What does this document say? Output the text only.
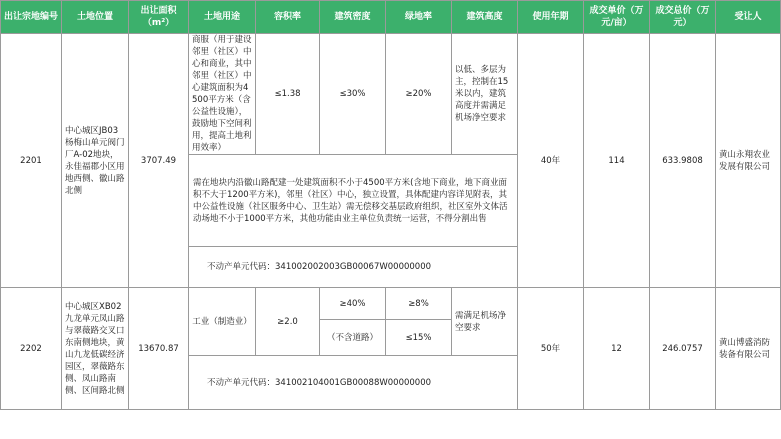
出让宗地编号	土地位置	出让面积（m²）	土地用途	容积率	建筑密度	绿地率	建筑高度	使用年期	成交单价（万元/亩）	成交总价（万元）	受让人
2201	中心城区JB03杨梅山单元阀门厂A-02地块，永佳福郡小区用地西侧、徽山路北侧	3707.49	商服（用于建设邻里（社区）中心和商业，其中邻里（社区）中心建筑面积为4500平方米（含公益性设施），鼓励地下空间利用，提高土地利用效率）	≤1.38	≤30%	≥20%	以低、多层为主，控制在15米以内，建筑高度并需满足机场净空要求	40年	114	633.9808	黄山永翔农业发展有限公司
			需在地块内沿徽山路配建一处建筑面积不小于4500平方米(含地下商业，地下商业面积不大于1200平方米)，邻里（社区）中心，独立设置，具体配建内容详见附表，其中公益性设施（社区服务中心、卫生站）需无偿移交基层政府组织，社区室外文体活动场地不小于1000平方米，其他功能由业主单位负责统一运营，不得分割出售								
			不动产单元代码：341002002003GB00067W00000000								
2202	中心城区XB02九龙单元凤山路与翠薇路交叉口东南侧地块，黄山九龙低碳经济园区，翠薇路东侧、凤山路南侧、区间路北侧	13670.87	工业（制造业）	≥2.0	≥40%	≥8%	需满足机场净空要求	50年	12	246.0757	黄山博盛消防装备有限公司
					（不含道路）	≤15%					
			不动产单元代码：341002104001GB00088W00000000								
